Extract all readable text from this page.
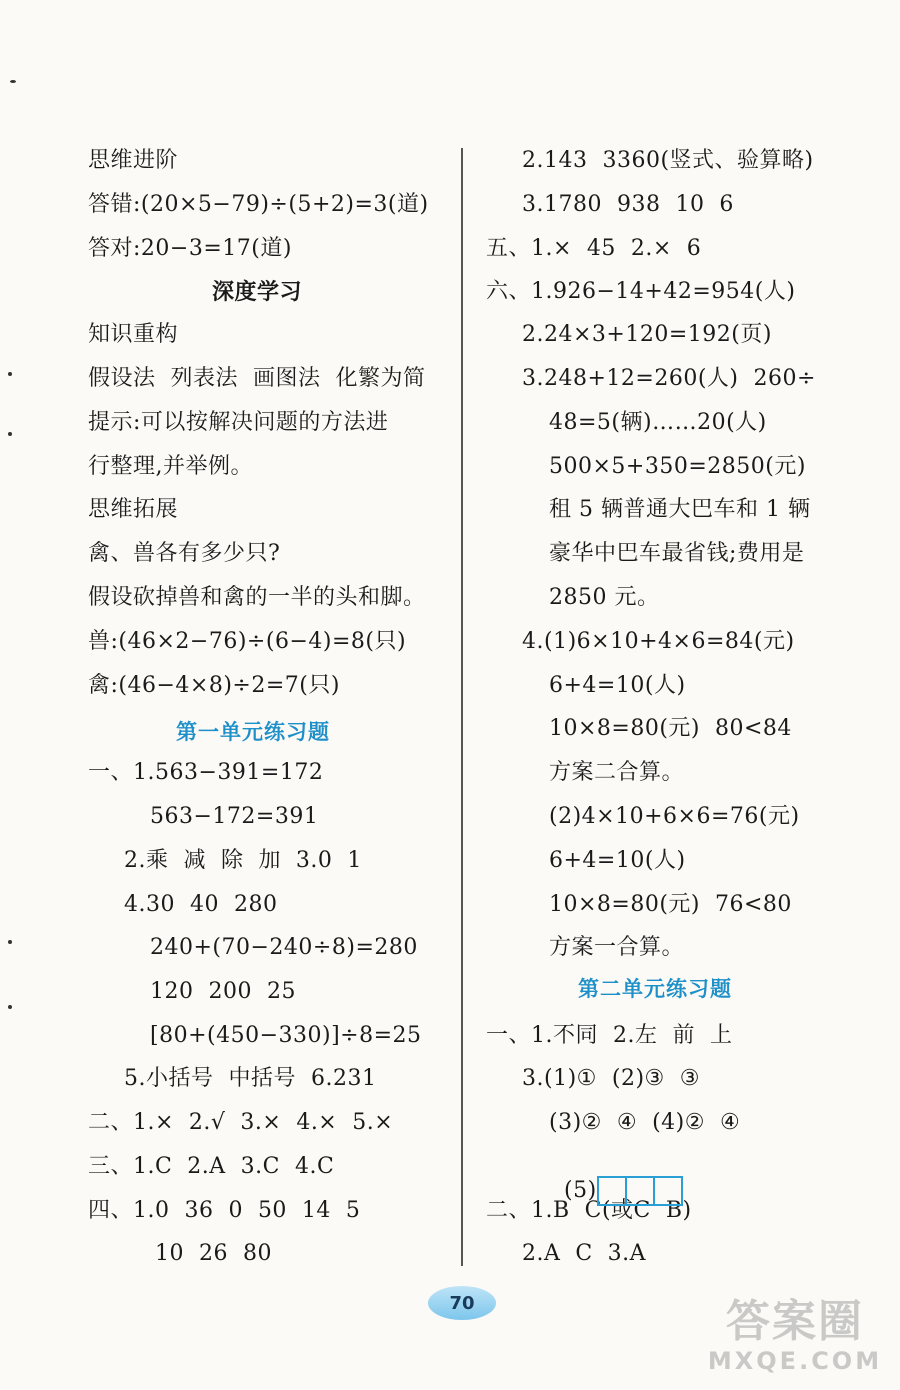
思维进阶
答错:(20×5−79)÷(5+2)=3(道)
答对:20−3=17(道)
深度学习
知识重构
假设法  列表法  画图法  化繁为简
提示:可以按解决问题的方法进
行整理,并举例。
思维拓展
禽、兽各有多少只?
假设砍掉兽和禽的一半的头和脚。
兽:(46×2−76)÷(6−4)=8(只)
禽:(46−4×8)÷2=7(只)
一、1.563−391=172
563−172=391
2.乘  减  除  加  3.0  1
4.30  40  280
240+(70−240÷8)=280
120  200  25
[80+(450−330)]÷8=25
5.小括号  中括号  6.231
二、1.×  2.√  3.×  4.×  5.×
三、1.C  2.A  3.C  4.C
四、1.0  36  0  50  14  5
10  26  80
第一单元练习题
2.143  3360(竖式、验算略)
3.1780  938  10  6
五、1.×  45  2.×  6
六、1.926−14+42=954(人)
2.24×3+120=192(页)
3.248+12=260(人)  260÷
48=5(辆)……20(人)
500×5+350=2850(元)
租 5 辆普通大巴车和 1 辆
豪华中巴车最省钱;费用是
2850 元。
4.(1)6×10+4×6=84(元)
6+4=10(人)
10×8=80(元)  80<84
方案二合算。
(2)4×10+6×6=76(元)
6+4=10(人)
10×8=80(元)  76<80
方案一合算。
一、1.不同  2.左  前  上
3.(1)①  (2)③  ③
(3)②  ④  (4)②  ④
二、1.B  C(或C  B)
2.A  C  3.A
第二单元练习题

(5)

70	答案圈
MXQE.COM
